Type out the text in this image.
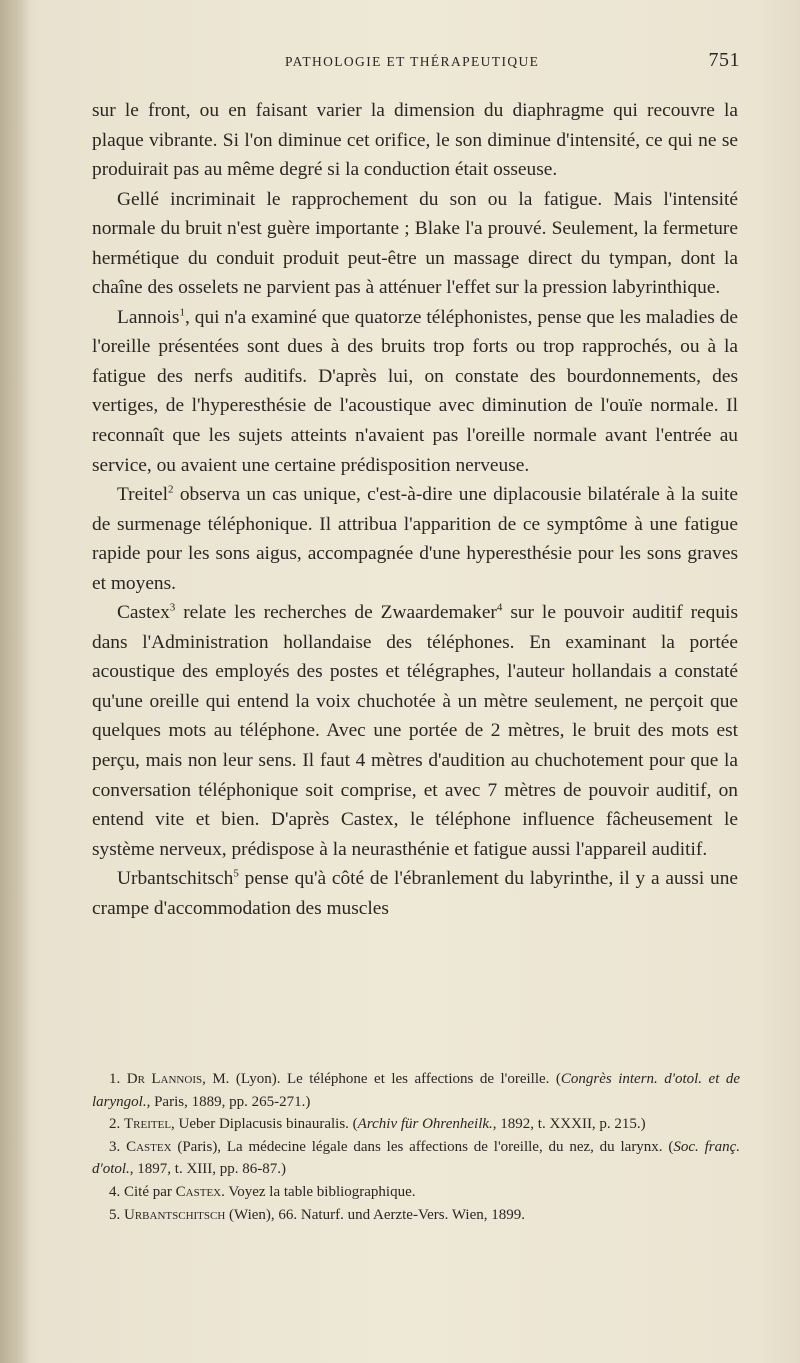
PATHOLOGIE ET THÉRAPEUTIQUE	751

sur le front, ou en faisant varier la dimension du diaphragme qui recouvre la plaque vibrante. Si l'on diminue cet orifice, le son diminue d'intensité, ce qui ne se produirait pas au même degré si la conduction était osseuse.

Gellé incriminait le rapprochement du son ou la fatigue. Mais l'intensité normale du bruit n'est guère importante ; Blake l'a prouvé. Seulement, la fermeture hermétique du conduit produit peut-être un massage direct du tympan, dont la chaîne des osselets ne parvient pas à atténuer l'effet sur la pression labyrinthique.

Lannois$^1$, qui n'a examiné que quatorze téléphonistes, pense que les maladies de l'oreille présentées sont dues à des bruits trop forts ou trop rapprochés, ou à la fatigue des nerfs auditifs. D'après lui, on constate des bourdonnements, des vertiges, de l'hyperesthésie de l'acoustique avec diminution de l'ouïe normale. Il reconnaît que les sujets atteints n'avaient pas l'oreille normale avant l'entrée au service, ou avaient une certaine prédisposition nerveuse.

Treitel$^2$ observa un cas unique, c'est-à-dire une diplacousie bilatérale à la suite de surmenage téléphonique. Il attribua l'apparition de ce symptôme à une fatigue rapide pour les sons aigus, accompagnée d'une hyperesthésie pour les sons graves et moyens.

Castex$^3$ relate les recherches de Zwaardemaker$^4$ sur le pouvoir auditif requis dans l'Administration hollandaise des téléphones. En examinant la portée acoustique des employés des postes et télégraphes, l'auteur hollandais a constaté qu'une oreille qui entend la voix chuchotée à un mètre seulement, ne perçoit que quelques mots au téléphone. Avec une portée de 2 mètres, le bruit des mots est perçu, mais non leur sens. Il faut 4 mètres d'audition au chuchotement pour que la conversation téléphonique soit comprise, et avec 7 mètres de pouvoir auditif, on entend vite et bien. D'après Castex, le téléphone influence fâcheusement le système nerveux, prédispose à la neurasthénie et fatigue aussi l'appareil auditif.

Urbantschitsch$^5$ pense qu'à côté de l'ébranlement du labyrinthe, il y a aussi une crampe d'accommodation des muscles

1. Dr Lannois, M. (Lyon). Le téléphone et les affections de l'oreille. (Congrès intern. d'otol. et de laryngol., Paris, 1889, pp. 265-271.)

2. Treitel, Ueber Diplacusis binauralis. (Archiv für Ohrenheilk., 1892, t. XXXII, p. 215.)

3. Castex (Paris), La médecine légale dans les affections de l'oreille, du nez, du larynx. (Soc. franç. d'otol., 1897, t. XIII, pp. 86-87.)

4. Cité par Castex. Voyez la table bibliographique.

5. Urbantschitsch (Wien), 66. Naturf. und Aerzte-Vers. Wien, 1899.
